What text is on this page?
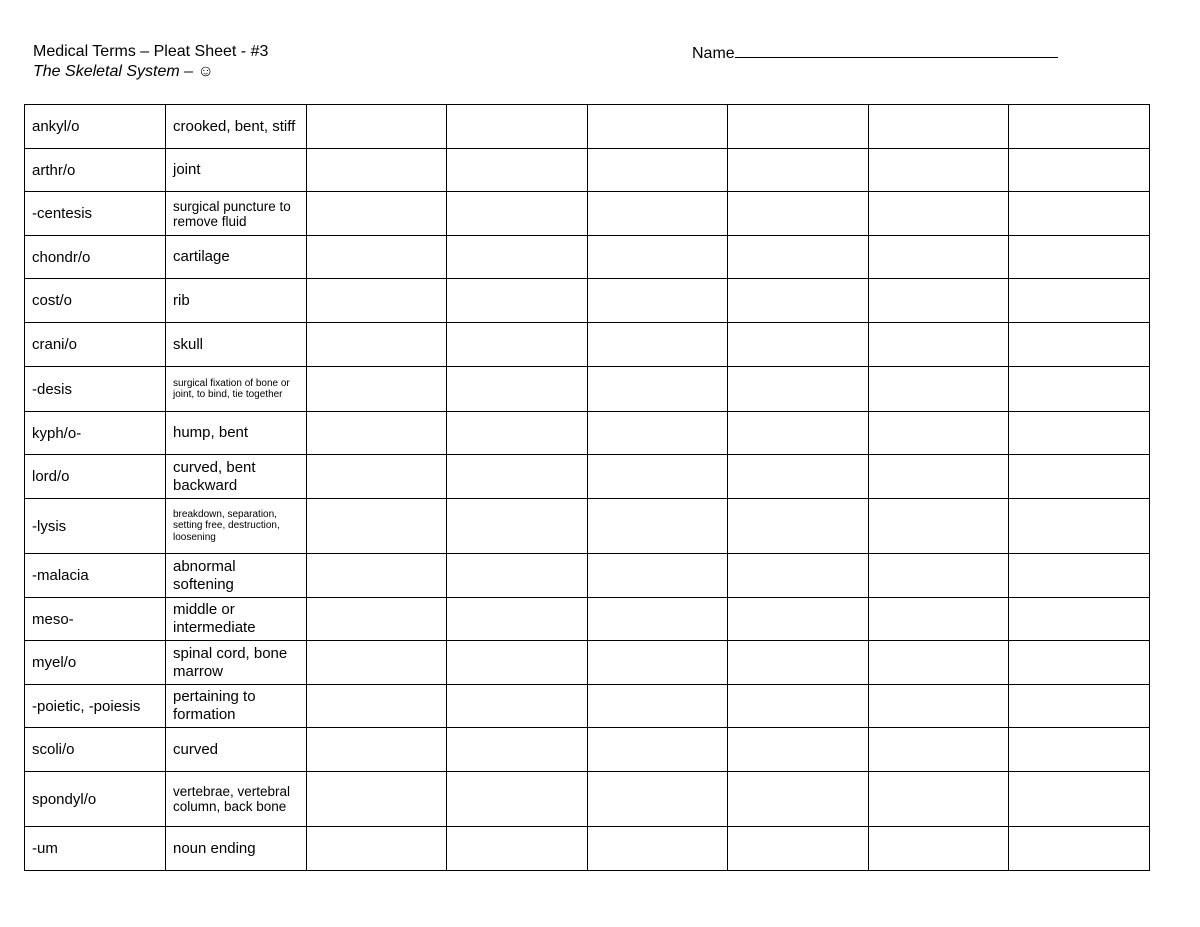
Medical Terms – Pleat Sheet - #3
The Skeletal System – ☺
Name
ankyl/o	crooked, bent, stiff						
arthr/o	joint						
-centesis	surgical puncture to remove fluid						
chondr/o	cartilage						
cost/o	rib						
crani/o	skull						
-desis	surgical fixation of bone or joint, to bind, tie together						
kyph/o-	hump, bent						
lord/o	curved, bent backward						
-lysis	breakdown, separation, setting free, destruction, loosening						
-malacia	abnormal softening						
meso-	middle or intermediate						
myel/o	spinal cord, bone marrow						
-poietic, -poiesis	pertaining to formation						
scoli/o	curved						
spondyl/o	vertebrae, vertebral column, back bone						
-um	noun ending						
